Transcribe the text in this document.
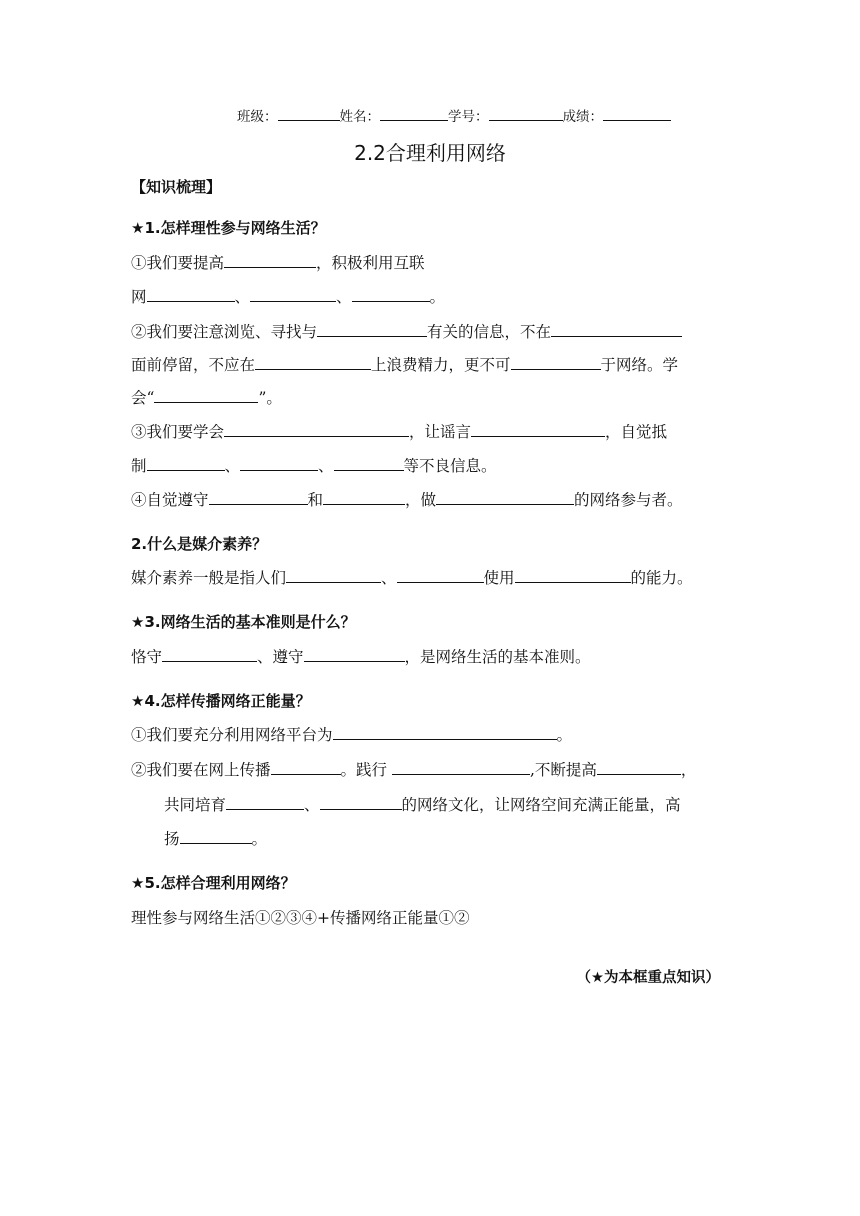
班级：	姓名：	学号：	成绩：
2.2合理利用网络
【知识梳理】
★1.怎样理性参与网络生活？
①我们要提高	，积极利用互联
网	、	、	。
②我们要注意浏览、寻找与	有关的信息，不在
面前停留，不应在	上浪费精力，更不可	于网络。学
会“	”。
③我们要学会	，让谣言	，自觉抵
制	、	、	等不良信息。
④自觉遵守	和	，做	的网络参与者。
2.什么是媒介素养？
媒介素养一般是指人们	、	使用	的能力。
★3.网络生活的基本准则是什么？
恪守	、遵守	，是网络生活的基本准则。
★4.怎样传播网络正能量？
①我们要充分利用网络平台为	。
②我们要在网上传播	。践行	,不断提高	，
共同培育	、	的网络文化，让网络空间充满正能量，高
扬	。
★5.怎样合理利用网络？
理性参与网络生活①②③④+传播网络正能量①②
（★为本框重点知识）
